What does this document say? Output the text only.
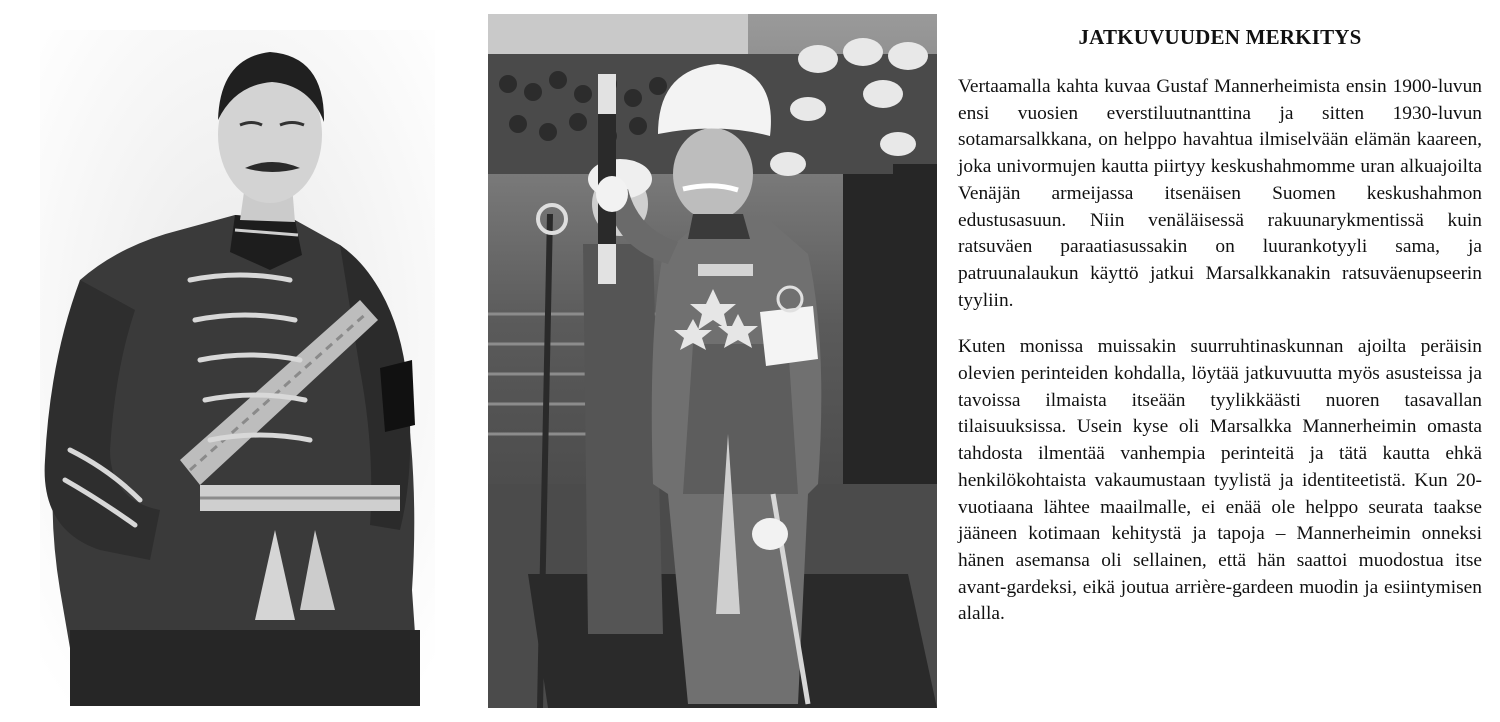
JATKUVUUDEN MERKITYS

Vertaamalla kahta kuvaa Gustaf Mannerheimista ensin 1900-luvun ensi vuosien everstiluutnanttina ja sitten 1930-luvun sotamarsalkkana, on helppo havahtua ilmiselvään elämän kaareen, joka univormujen kautta piirtyy keskushahmomme uran alkuajoilta Venäjän armeijassa itsenäisen Suomen keskushahmon edustusasuun. Niin venäläisessä rakuunarykmentissä kuin ratsuväen paraatiasussakin on luurankotyyli sama, ja patruunalaukun käyttö jatkui Marsalkkanakin ratsuväenupseerin tyyliin.

Kuten monissa muissakin suurruhtinaskunnan ajoilta peräisin olevien perinteiden kohdalla, löytää jatkuvuutta myös asusteissa ja tavoissa ilmaista itseään tyylikkäästi nuoren tasavallan tilaisuuksissa. Usein kyse oli Marsalkka Mannerheimin omasta tahdosta ilmentää vanhempia perinteitä ja tätä kautta ehkä henkilökohtaista vakaumustaan tyylistä ja identiteetistä. Kun 20-vuotiaana lähtee maailmalle, ei enää ole helppo seurata taakse jääneen kotimaan kehitystä ja tapoja – Mannerheimin onneksi hänen asemansa oli sellainen, että hän saattoi muodostua itse avant-gardeksi, eikä joutua arrière-gardeen muodin ja esiintymisen alalla.
